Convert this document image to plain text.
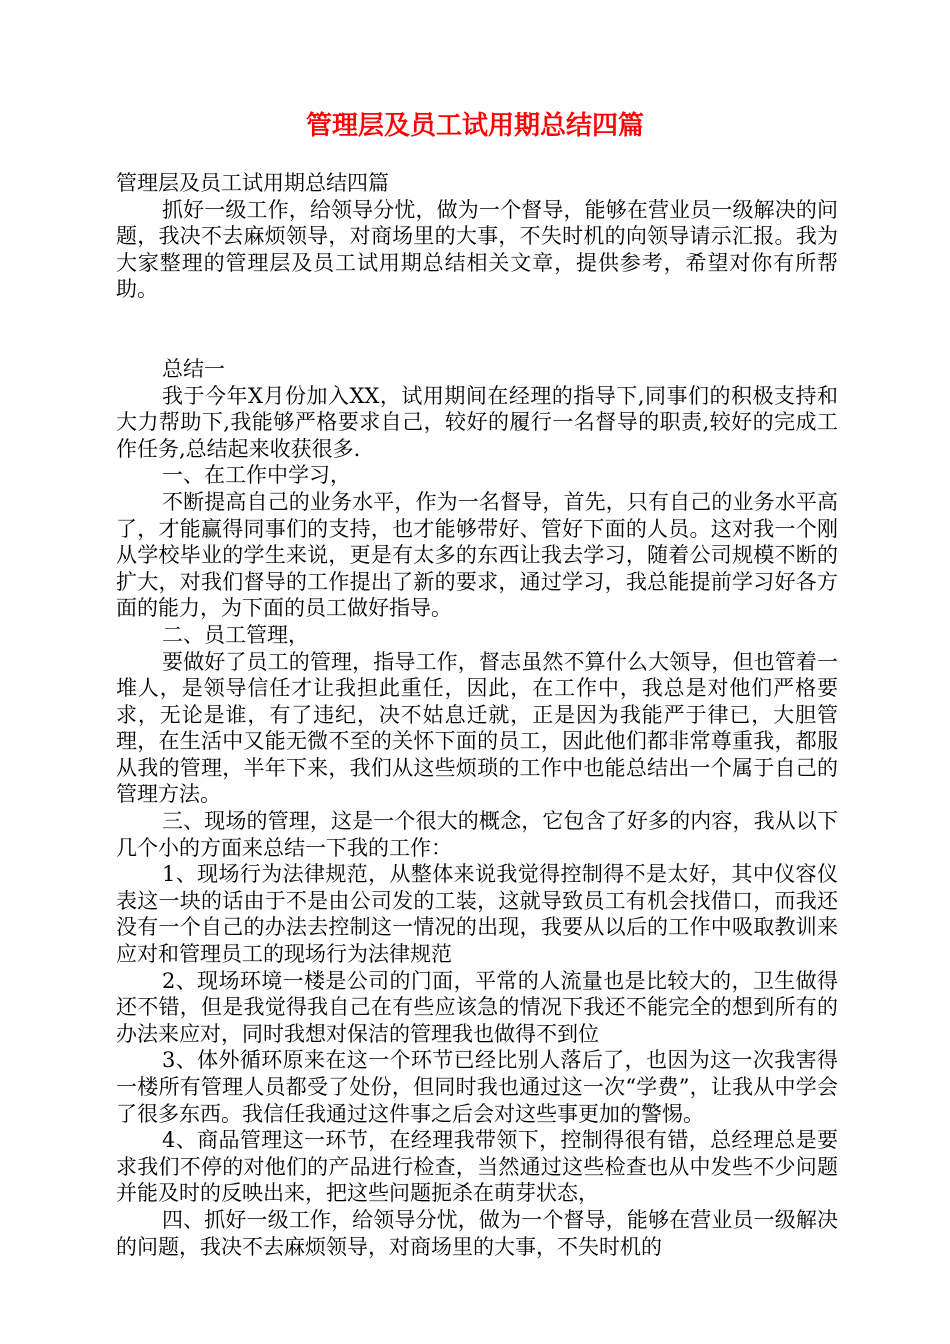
管理层及员工试用期总结四篇

管理层及员工试用期总结四篇

抓好一级工作，给领导分忧，做为一个督导，能够在营业员一级解决的问题，我决不去麻烦领导，对商场里的大事，不失时机的向领导请示汇报。我为大家整理的管理层及员工试用期总结相关文章，提供参考，希望对你有所帮助。

总结一

我于今年X月份加入XX，试用期间在经理的指导下,同事们的积极支持和大力帮助下,我能够严格要求自己，较好的履行一名督导的职责,较好的完成工作任务,总结起来收获很多.

一、在工作中学习，

不断提高自己的业务水平，作为一名督导，首先，只有自己的业务水平高了，才能赢得同事们的支持，也才能够带好、管好下面的人员。这对我一个刚从学校毕业的学生来说，更是有太多的东西让我去学习，随着公司规模不断的扩大，对我们督导的工作提出了新的要求，通过学习，我总能提前学习好各方面的能力，为下面的员工做好指导。

二、员工管理，

要做好了员工的管理，指导工作，督志虽然不算什么大领导，但也管着一堆人，是领导信任才让我担此重任，因此，在工作中，我总是对他们严格要求，无论是谁，有了违纪，决不姑息迁就，正是因为我能严于律已，大胆管理，在生活中又能无微不至的关怀下面的员工，因此他们都非常尊重我，都服从我的管理，半年下来，我们从这些烦琐的工作中也能总结出一个属于自己的管理方法。

三、现场的管理，这是一个很大的概念，它包含了好多的内容，我从以下几个小的方面来总结一下我的工作：

1、现场行为法律规范，从整体来说我觉得控制得不是太好，其中仪容仪表这一块的话由于不是由公司发的工装，这就导致员工有机会找借口，而我还没有一个自己的办法去控制这一情况的出现，我要从以后的工作中吸取教训来应对和管理员工的现场行为法律规范

2、现场环境一楼是公司的门面，平常的人流量也是比较大的，卫生做得还不错，但是我觉得我自己在有些应该急的情况下我还不能完全的想到所有的办法来应对，同时我想对保洁的管理我也做得不到位

3、体外循环原来在这一个环节已经比别人落后了，也因为这一次我害得一楼所有管理人员都受了处份，但同时我也通过这一次“学费”，让我从中学会了很多东西。我信任我通过这件事之后会对这些事更加的警惕。

4、商品管理这一环节，在经理我带领下，控制得很有错，总经理总是要求我们不停的对他们的产品进行检查，当然通过这些检查也从中发些不少问题并能及时的反映出来，把这些问题扼杀在萌芽状态，

四、抓好一级工作，给领导分忧，做为一个督导，能够在营业员一级解决的问题，我决不去麻烦领导，对商场里的大事，不失时机的
